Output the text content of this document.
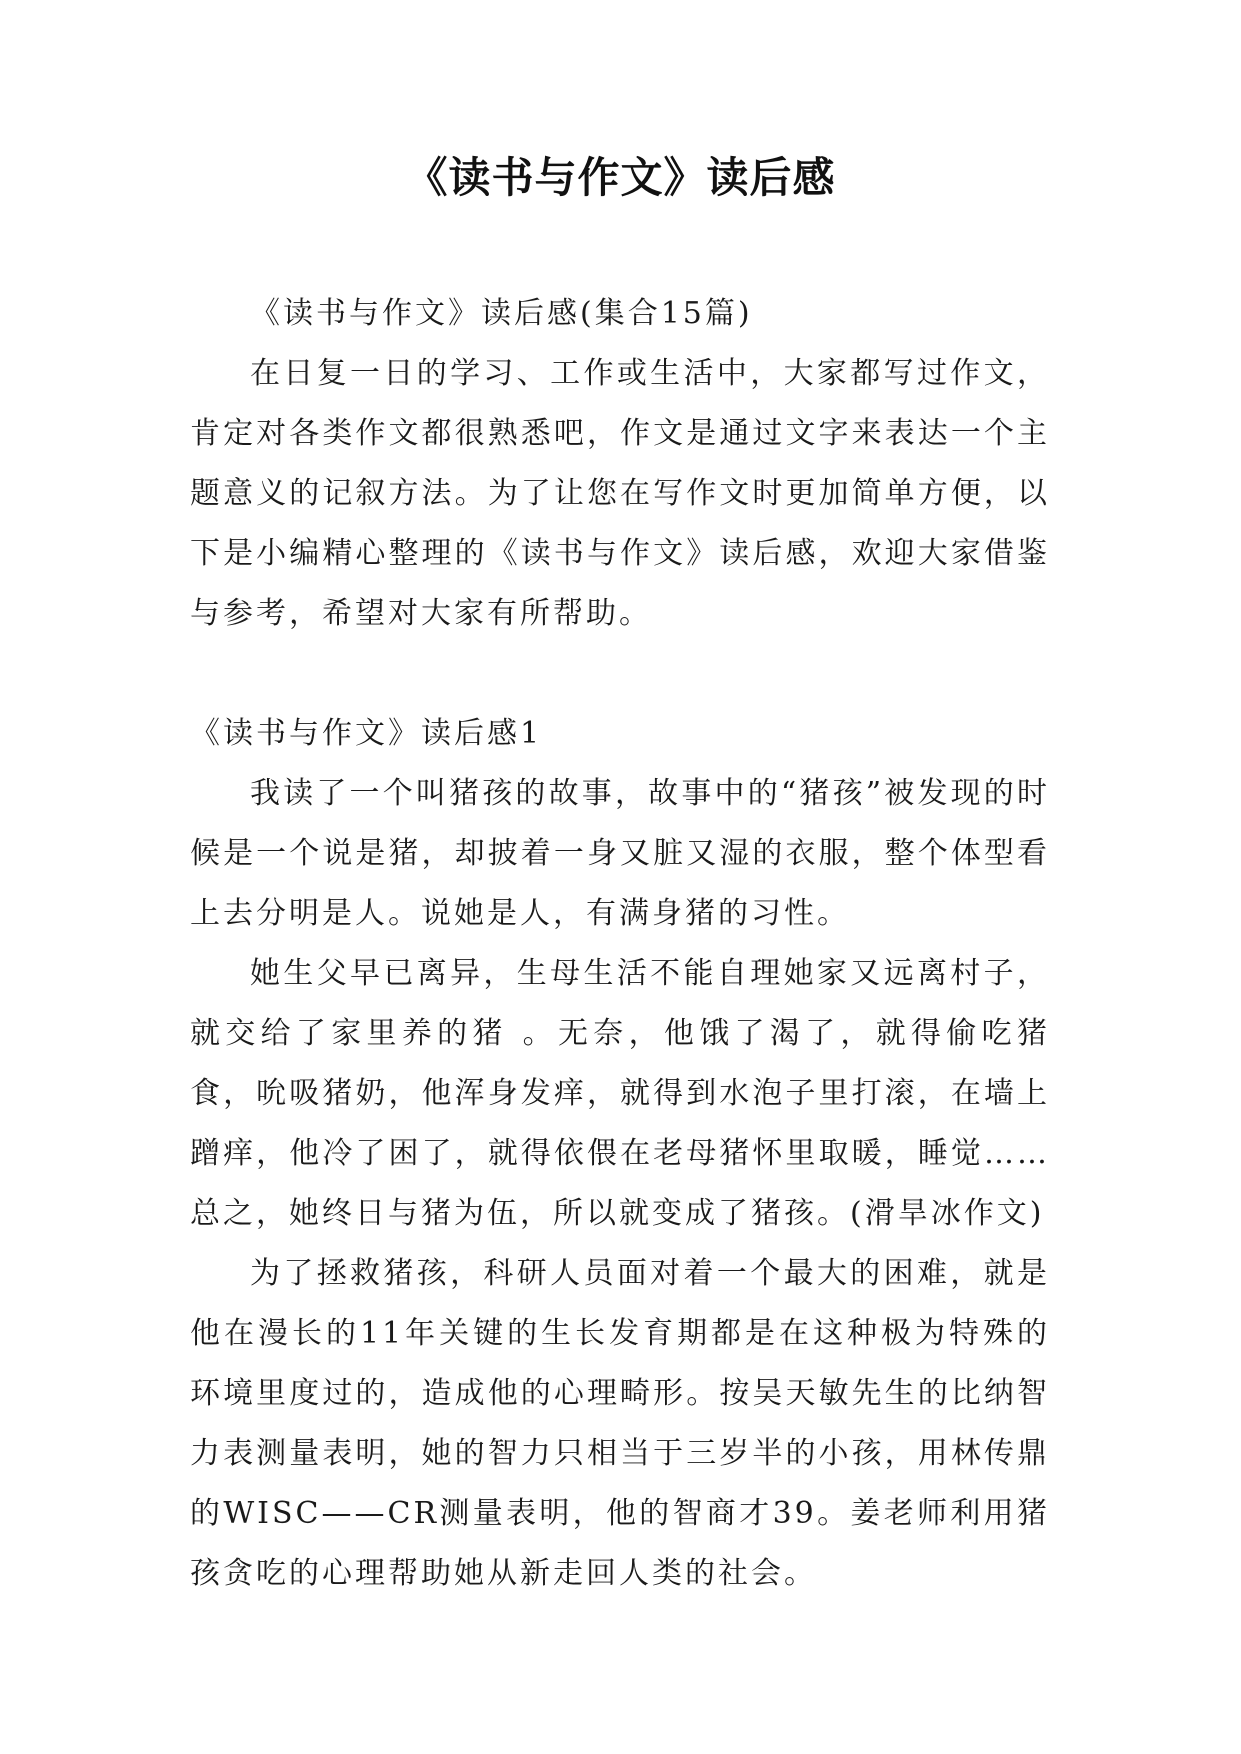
《读书与作文》读后感

《读书与作文》读后感(集合15篇)

在日复一日的学习、工作或生活中，大家都写过作文，肯定对各类作文都很熟悉吧，作文是通过文字来表达一个主题意义的记叙方法。为了让您在写作文时更加简单方便，以下是小编精心整理的《读书与作文》读后感，欢迎大家借鉴与参考，希望对大家有所帮助。

《读书与作文》读后感1

我读了一个叫猪孩的故事，故事中的“猪孩”被发现的时候是一个说是猪，却披着一身又脏又湿的衣服，整个体型看上去分明是人。说她是人，有满身猪的习性。

她生父早已离异，生母生活不能自理她家又远离村子，就交给了家里养的猪 。无奈，他饿了渴了，就得偷吃猪食，吮吸猪奶，他浑身发痒，就得到水泡子里打滚，在墙上蹭痒，他冷了困了，就得依偎在老母猪怀里取暖，睡觉……总之，她终日与猪为伍，所以就变成了猪孩。(滑旱冰作文)

为了拯救猪孩，科研人员面对着一个最大的困难，就是他在漫长的11年关键的生长发育期都是在这种极为特殊的环境里度过的，造成他的心理畸形。按吴天敏先生的比纳智力表测量表明，她的智力只相当于三岁半的小孩，用林传鼎的WISC——CR测量表明，他的智商才39。姜老师利用猪孩贪吃的心理帮助她从新走回人类的社会。
